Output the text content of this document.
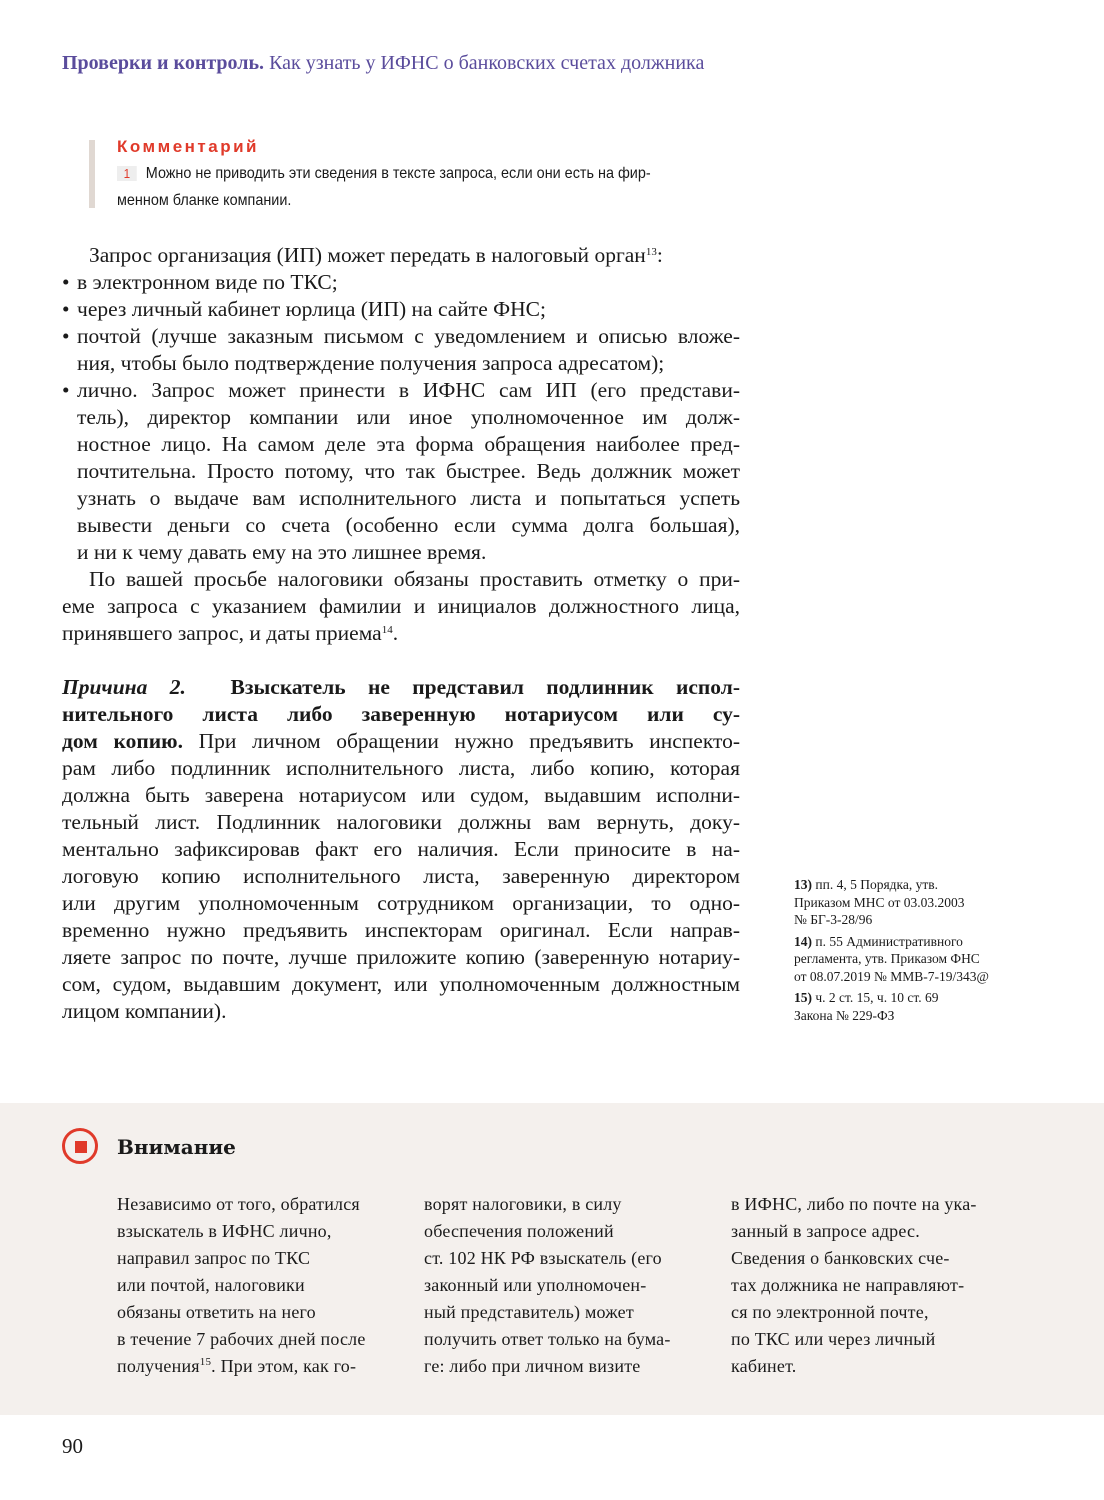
Проверки и контроль. Как узнать у ИФНС о банковских счетах должника
Комментарий
1 Можно не приводить эти сведения в тексте запроса, если они есть на фир-
менном бланке компании.
Запрос организация (ИП) может передать в налоговый орган$^{13}$:
• в электронном виде по ТКС;
• через личный кабинет юрлица (ИП) на сайте ФНС;
• почтой (лучше заказным письмом с уведомлением и описью вложе-
ния, чтобы было подтверждение получения запроса адресатом);
• лично. Запрос может принести в ИФНС сам ИП (его представи-
тель), директор компании или иное уполномоченное им долж-
ностное лицо. На самом деле эта форма обращения наиболее пред-
почтительна. Просто потому, что так быстрее. Ведь должник может
узнать о выдаче вам исполнительного листа и попытаться успеть
вывести деньги со счета (особенно если сумма долга большая),
и ни к чему давать ему на это лишнее время.
По вашей просьбе налоговики обязаны проставить отметку о при-
еме запроса с указанием фамилии и инициалов должностного лица,
принявшего запрос, и даты приема$^{14}$.
Причина 2. Взыскатель не представил подлинник испол-
нительного листа либо заверенную нотариусом или су-
дом копию. При личном обращении нужно предъявить инспекто-
рам либо подлинник исполнительного листа, либо копию, которая
должна быть заверена нотариусом или судом, выдавшим исполни-
тельный лист. Подлинник налоговики должны вам вернуть, доку-
ментально зафиксировав факт его наличия. Если приносите в на-
логовую копию исполнительного листа, заверенную директором
или другим уполномоченным сотрудником организации, то одно-
временно нужно предъявить инспекторам оригинал. Если направ-
ляете запрос по почте, лучше приложите копию (заверенную нотариу-
сом, судом, выдавшим документ, или уполномоченным должностным
лицом компании).
13) пп. 4, 5 Порядка, утв.
Приказом МНС от 03.03.2003
№ БГ-3-28/96
14) п. 55 Административного
регламента, утв. Приказом ФНС
от 08.07.2019 № ММВ-7-19/343@
15) ч. 2 ст. 15, ч. 10 ст. 69
Закона № 229-ФЗ
Внимание
Независимо от того, обратился
взыскатель в ИФНС лично,
направил запрос по ТКС
или почтой, налоговики
обязаны ответить на него
в течение 7 рабочих дней после
получения$^{15}$. При этом, как го-
ворят налоговики, в силу
обеспечения положений
ст. 102 НК РФ взыскатель (его
законный или уполномочен-
ный представитель) может
получить ответ только на бума-
ге: либо при личном визите
в ИФНС, либо по почте на ука-
занный в запросе адрес.
Сведения о банковских сче-
тах должника не направляют-
ся по электронной почте,
по ТКС или через личный
кабинет.
90
